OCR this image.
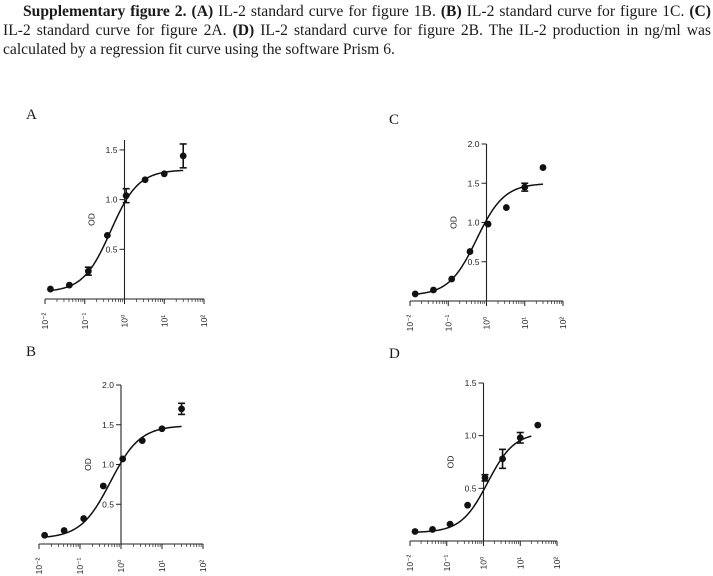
Supplementary figure 2. (A) IL-2 standard curve for figure 1B. (B) IL-2 standard curve for figure 1C. (C) IL-2 standard curve for figure 2A. (D) IL-2 standard curve for figure 2B. The IL-2 production in ng/ml was calculated by a regression fit curve using the software Prism 6.
A
B
C
D
10⁻²	10⁻¹	10⁰	10¹	10²
0.5
1.0
1.5
OD
10⁻²	10⁻¹	10⁰	10¹	10²
0.5
1.0
1.5
2.0
OD
10⁻²	10⁻¹	10⁰	10¹	10²
0.5
1.0
1.5
2.0
OD
10⁻²	10⁻¹	10⁰	10¹	10²
0.5
1.0
1.5
OD
